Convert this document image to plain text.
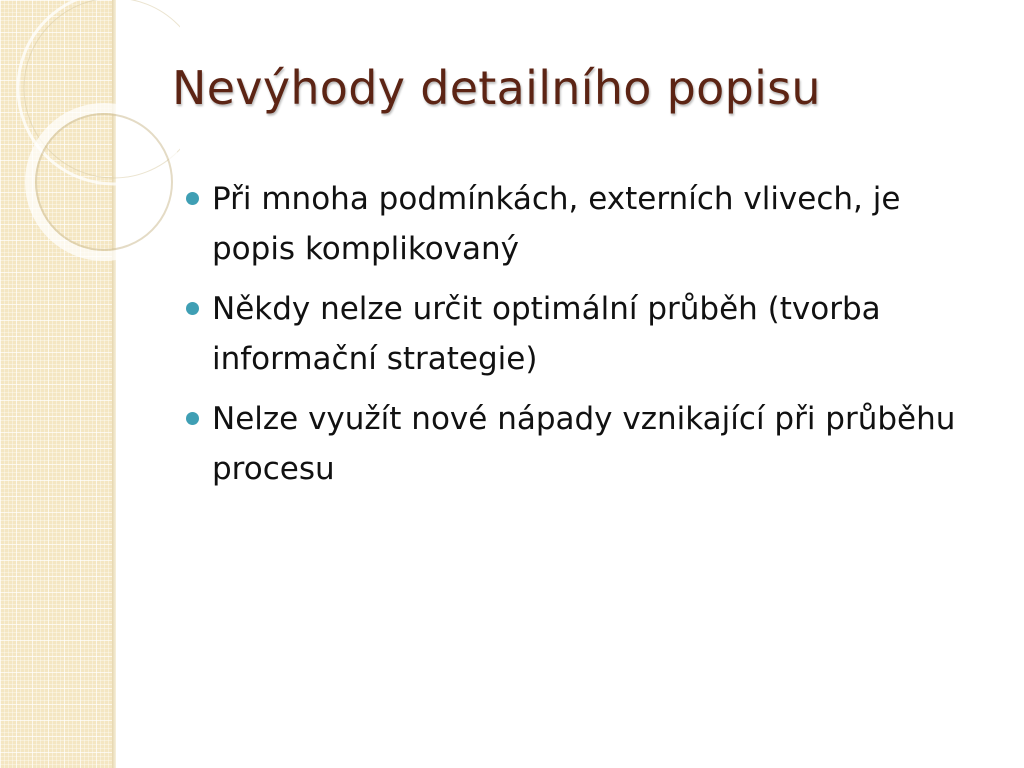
Nevýhody detailního popisu
Při mnoha podmínkách, externích vlivech, je popis komplikovaný
Někdy nelze určit optimální průběh (tvorba informační strategie)
Nelze využít nové nápady vznikající při průběhu procesu
